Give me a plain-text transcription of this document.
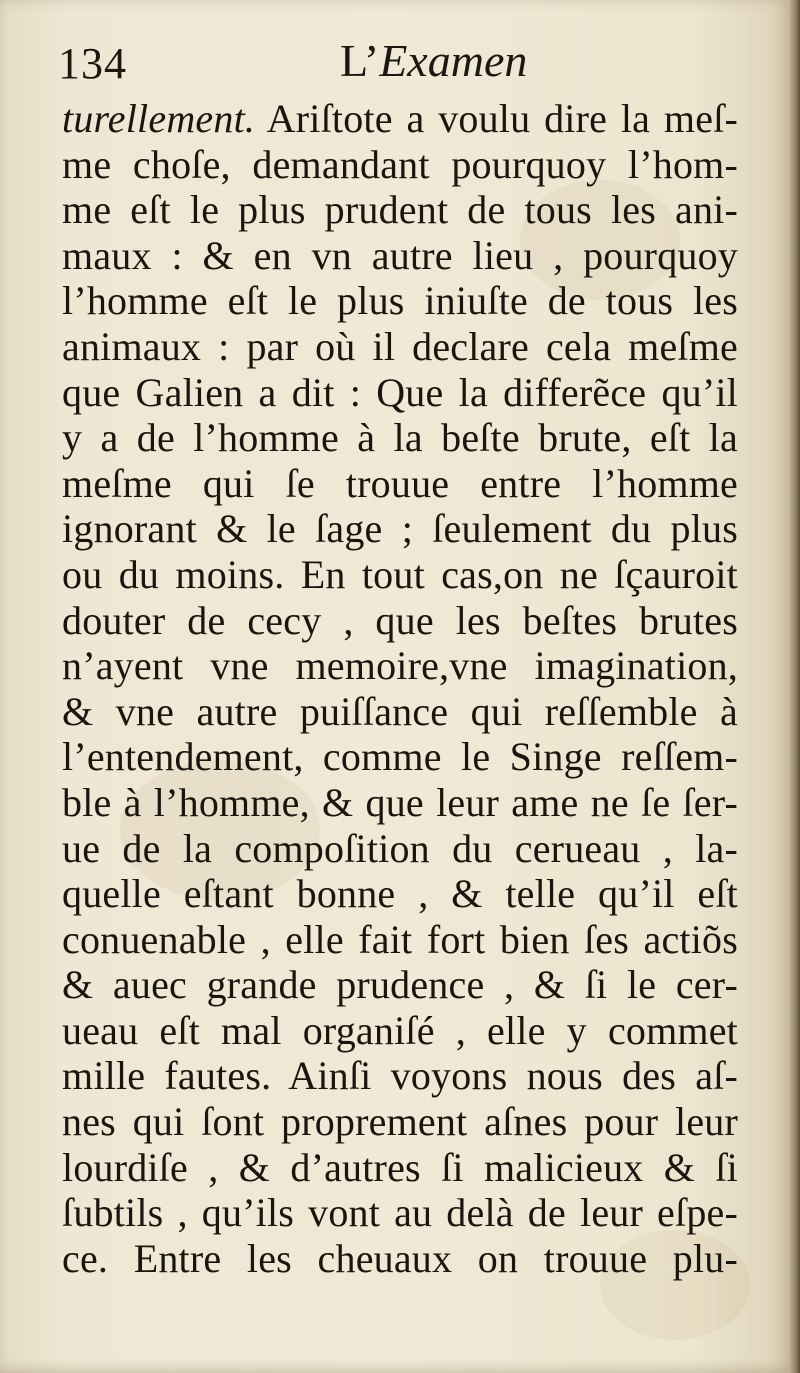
134	L’Examen
turellement. Ariſtote a voulu dire la meſ-
me choſe, demandant pourquoy l’hom-
me eſt le plus prudent de tous les ani-
maux : & en vn autre lieu , pourquoy
l’homme eſt le plus iniuſte de tous les
animaux : par où il declare cela meſme
que Galien a dit : Que la differẽce qu’il
y a de l’homme à la beſte brute, eſt la
meſme qui ſe trouue entre l’homme
ignorant & le ſage ; ſeulement du plus
ou du moins. En tout cas,on ne ſçauroit
douter de cecy , que les beſtes brutes
n’ayent vne memoire,vne imagination,
& vne autre puiſſance qui reſſemble à
l’entendement, comme le Singe reſſem-
ble à l’homme, & que leur ame ne ſe ſer-
ue de la compoſition du cerueau , la-
quelle eſtant bonne , & telle qu’il eſt
conuenable , elle fait fort bien ſes actiõs
& auec grande prudence , & ſi le cer-
ueau eſt mal organiſé , elle y commet
mille fautes. Ainſi voyons nous des aſ-
nes qui ſont proprement aſnes pour leur
lourdiſe , & d’autres ſi malicieux & ſi
ſubtils , qu’ils vont au delà de leur eſpe-
ce. Entre les cheuaux on trouue plu-
